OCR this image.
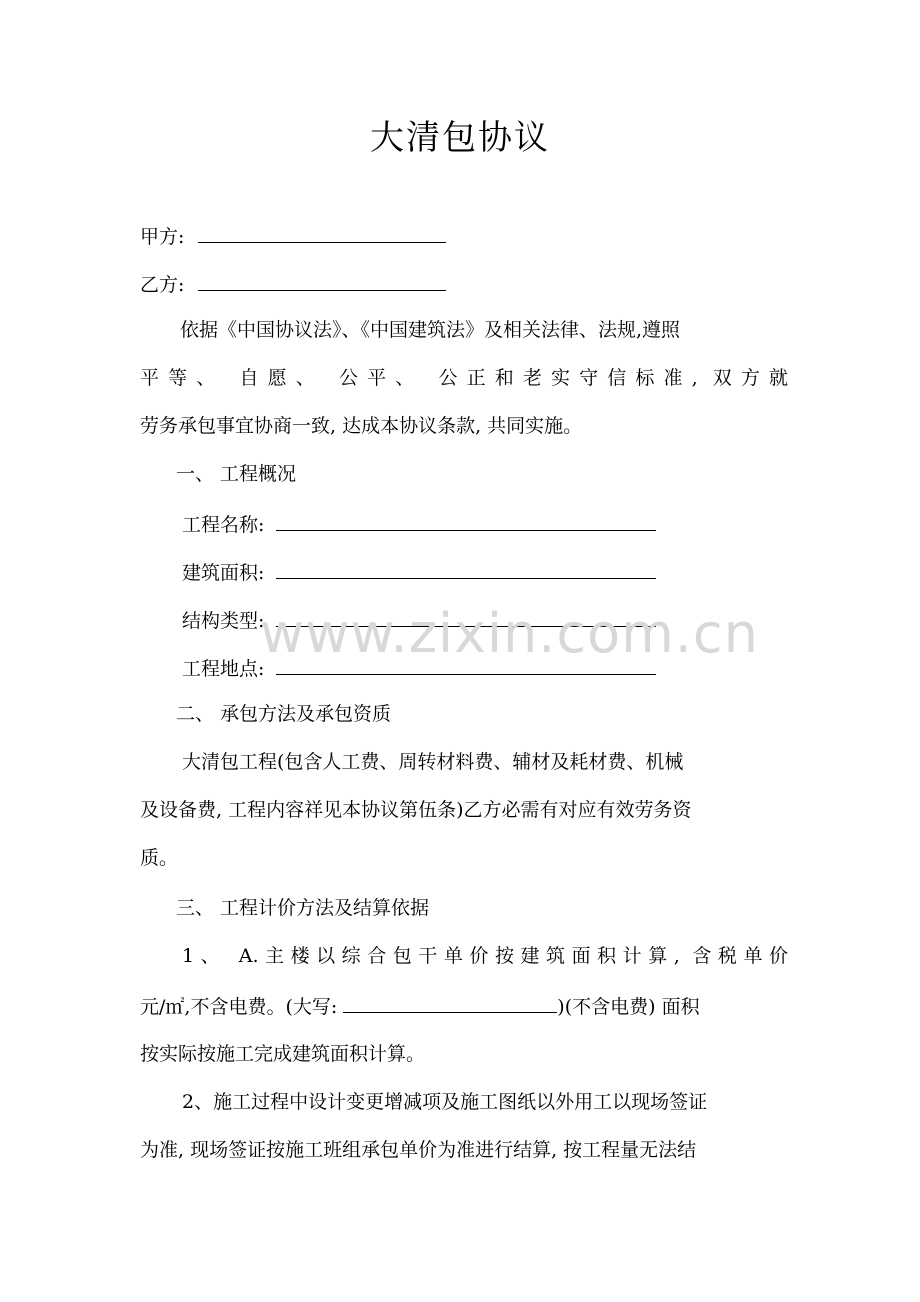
大清包协议
甲方:
乙方:
依据《中国协议法》、《中国建筑法》及相关法律、法规,遵照
平等、 自愿、 公平、 公正和老实守信标准, 双方就
劳务承包事宜协商一致, 达成本协议条款, 共同实施。
一、 工程概况
工程名称:
建筑面积:
结构类型:
工程地点:
二、 承包方法及承包资质
大清包工程(包含人工费、周转材料费、辅材及耗材费、机械
及设备费, 工程内容祥见本协议第伍条)乙方必需有对应有效劳务资
质。
三、 工程计价方法及结算依据
1、 A.主楼以综合包干单价按建筑面积计算, 含税单价
元/㎡,不含电费。(大写:	)(不含电费) 面积
按实际按施工完成建筑面积计算。
2、施工过程中设计变更增减项及施工图纸以外用工以现场签证
为准, 现场签证按施工班组承包单价为准进行结算, 按工程量无法结
www.zixin.com.cn
